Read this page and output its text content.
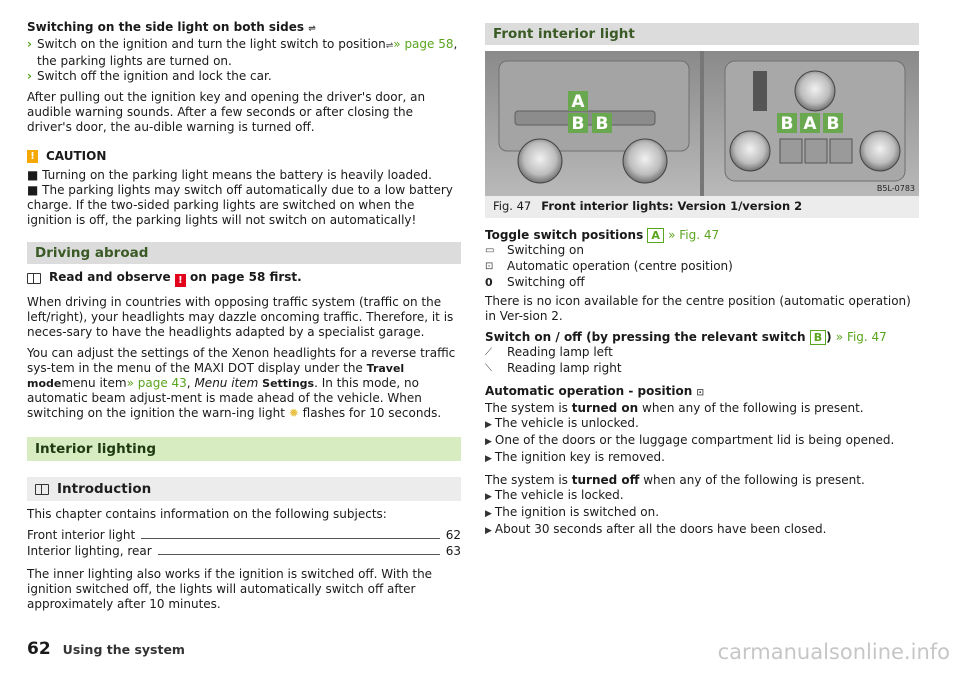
Switching on the side light on both sides ⇌
› Switch on the ignition and turn the light switch to position⇌» page 58, the parking lights are turned on.
› Switch off the ignition and lock the car.
After pulling out the ignition key and opening the driver's door, an audible warning sounds. After a few seconds or after closing the driver's door, the au-dible warning is turned off.
! CAUTION
■ Turning on the parking light means the battery is heavily loaded.
■ The parking lights may switch off automatically due to a low battery charge. If the two-sided parking lights are switched on when the ignition is off, the parking lights will not switch on automatically!
Driving abroad
Read and observe ! on page 58 first.
When driving in countries with opposing traffic system (traffic on the left/right), your headlights may dazzle oncoming traffic. Therefore, it is neces-sary to have the headlights adapted by a specialist garage.
You can adjust the settings of the Xenon headlights for a reverse traffic sys-tem in the menu of the MAXI DOT display under the Travel modemenu item» page 43, Menu item Settings. In this mode, no automatic beam adjust-ment is made ahead of the vehicle. When switching on the ignition the warn-ing light ✹ flashes for 10 seconds.
Interior lighting
Introduction
This chapter contains information on the following subjects:
Front interior light	62
Interior lighting, rear	63
The inner lighting also works if the ignition is switched off. With the ignition switched off, the lights will automatically switch off after approximately after 10 minutes.
Front interior light
A
B B	B A B
B5L-0783
Fig. 47 Front interior lights: Version 1/version 2
Toggle switch positions A » Fig. 47
▭	Switching on
⊡	Automatic operation (centre position)
0	Switching off
There is no icon available for the centre position (automatic operation) in Ver-sion 2.
Switch on / off (by pressing the relevant switch B ) » Fig. 47
⟋	Reading lamp left
⟍	Reading lamp right
Automatic operation - position ⊡
The system is turned on when any of the following is present.
▶ The vehicle is unlocked.
▶ One of the doors or the luggage compartment lid is being opened.
▶ The ignition key is removed.
The system is turned off when any of the following is present.
▶ The vehicle is locked.
▶ The ignition is switched on.
▶ About 30 seconds after all the doors have been closed.
62 Using the system	carmanualsonline.info
